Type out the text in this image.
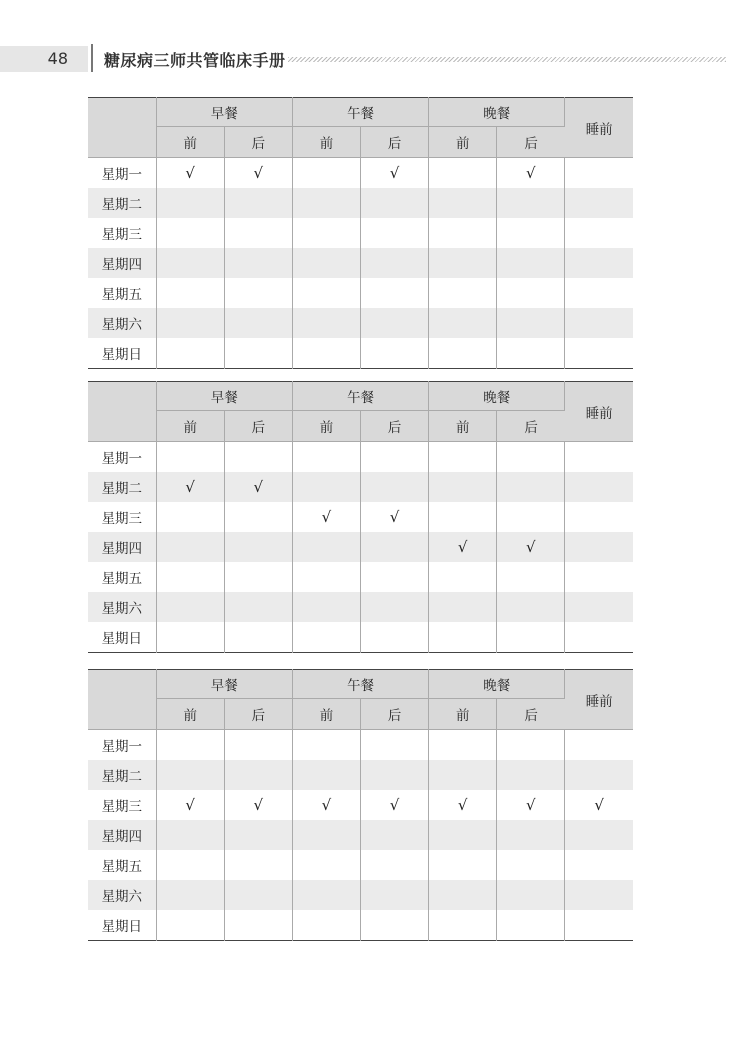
48 糖尿病三师共管临床手册
	早餐		午餐		晚餐		睡前
	前	后	前	后	前	后	
星期一	√	√		√		√	
星期二							
星期三							
星期四							
星期五							
星期六							
星期日							
	早餐		午餐		晚餐		睡前
	前	后	前	后	前	后	
星期一							
星期二	√	√					
星期三			√	√			
星期四					√	√	
星期五							
星期六							
星期日							
	早餐		午餐		晚餐		睡前
	前	后	前	后	前	后	
星期一							
星期二							
星期三	√	√	√	√	√	√	√
星期四							
星期五							
星期六							
星期日							
